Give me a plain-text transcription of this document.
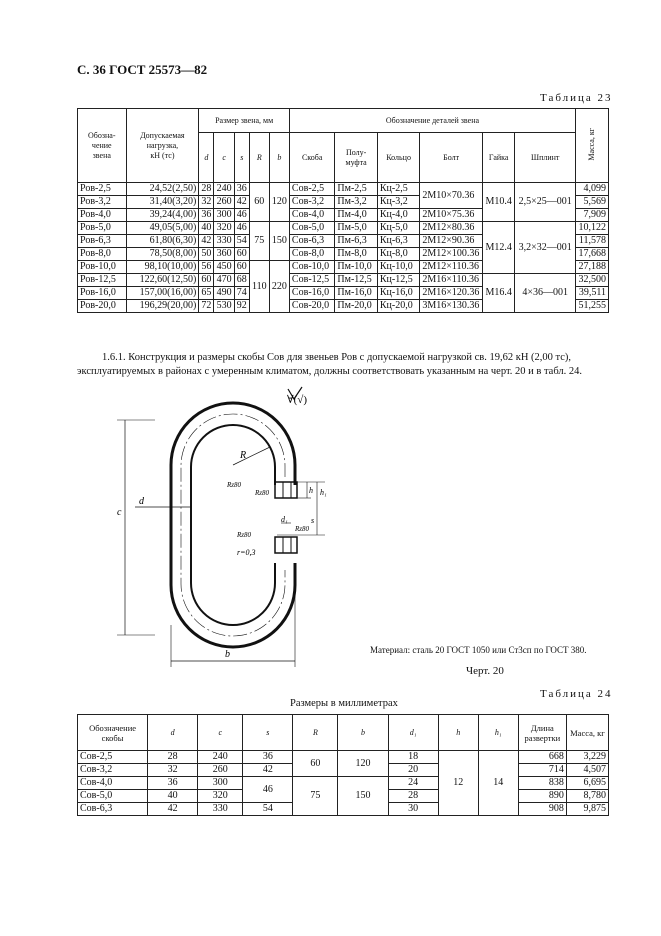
С. 36 ГОСТ 25573—82
Таблица 23
Обозна-
чение
звена	Допускаемая
нагрузка,
кН (тс)	Размер звена, мм					Обозначение деталей звена						Масса, кг
		d	c	s	R	b	Скоба	Полу-
муфта	Кольцо	Болт	Гайка	Шплинт	
Ров-2,5	24,52(2,50)	28	240	36	60	120	Сов-2,5	Пм-2,5	Кц-2,5	2М10×70.36	М10.4	2,5×25—001	4,099
Ров-3,2	31,40(3,20)	32	260	42			Сов-3,2	Пм-3,2	Кц-3,2				5,569
Ров-4,0	39,24(4,00)	36	300	46			Сов-4,0	Пм-4,0	Кц-4,0	2М10×75.36			7,909
Ров-5,0	49,05(5,00)	40	320	46	75	150	Сов-5,0	Пм-5,0	Кц-5,0	2М12×80.36	М12.4	3,2×32—001	10,122
Ров-6,3	61,80(6,30)	42	330	54			Сов-6,3	Пм-6,3	Кц-6,3	2М12×90.36			11,578
Ров-8,0	78,50(8,00)	50	360	60			Сов-8,0	Пм-8,0	Кц-8,0	2М12×100.36			17,668
Ров-10,0	98,10(10,00)	56	450	60	110	220	Сов-10,0	Пм-10,0	Кц-10,0	2М12×110.36			27,188
Ров-12,5	122,60(12,50)	60	470	68			Сов-12,5	Пм-12,5	Кц-12,5	2М16×110.36	М16.4	4×36—001	32,500
Ров-16,0	157,00(16,00)	65	490	74			Сов-16,0	Пм-16,0	Кц-16,0	2М16×120.36			39,511
Ров-20,0	196,29(20,00)	72	530	92			Сов-20,0	Пм-20,0	Кц-20,0	3М16×130.36			51,255
1.6.1. Конструкция и размеры скобы Сов для звеньев Ров с допускаемой нагрузкой св. 19,62 кН (2,00 тс),
эксплуатируемых в районах с умеренным климатом, должны соответствовать указанным на черт. 20 и в табл. 24.
∀(√)
R
c
d
b
h h₁
s
d₁
Rz80
Rz80
Rz80
Rz80
r=0,3
Материал: сталь 20 ГОСТ 1050 или Ст3сп по ГОСТ 380.
Черт. 20
Таблица 24
Размеры в миллиметрах
Обозначение
скобы	d	c	s	R	b	d₁	h	h₁	Длина
развертки	Масса, кг
Сов-2,5	28	240	36	60	120	18	12	14	668	3,229
Сов-3,2	32	260	42			20			714	4,507
Сов-4,0	36	300	46	75	150	24			838	6,695
Сов-5,0	40	320				28			890	8,780
Сов-6,3	42	330	54			30			908	9,875
